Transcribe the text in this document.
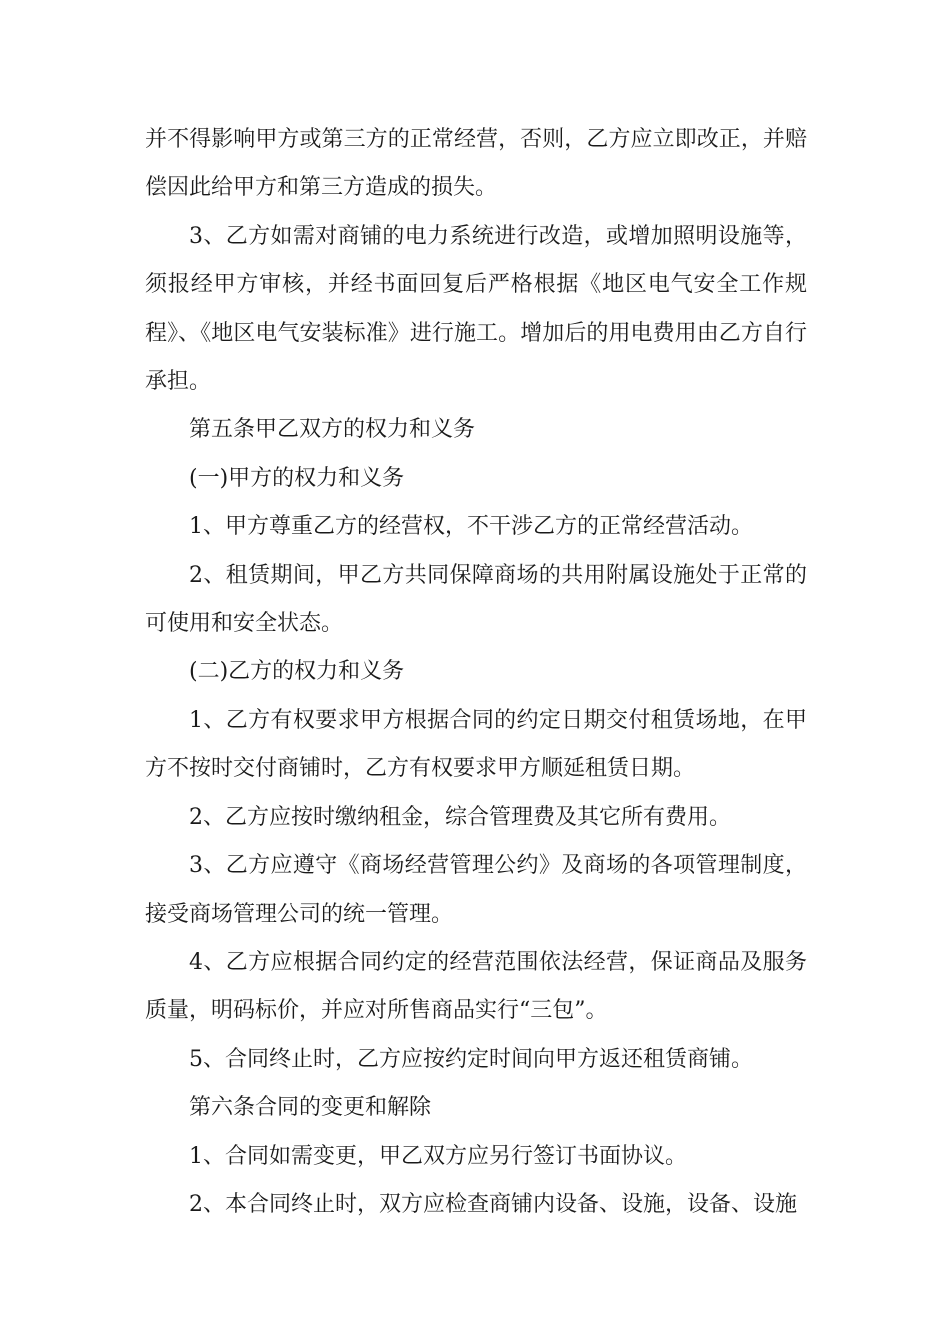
并不得影响甲方或第三方的正常经营，否则，乙方应立即改正，并赔偿因此给甲方和第三方造成的损失。

3、乙方如需对商铺的电力系统进行改造，或增加照明设施等，须报经甲方审核，并经书面回复后严格根据《地区电气安全工作规程》、《地区电气安装标准》进行施工。增加后的用电费用由乙方自行承担。

第五条甲乙双方的权力和义务

(一)甲方的权力和义务

1、甲方尊重乙方的经营权，不干涉乙方的正常经营活动。

2、租赁期间，甲乙方共同保障商场的共用附属设施处于正常的可使用和安全状态。

(二)乙方的权力和义务

1、乙方有权要求甲方根据合同的约定日期交付租赁场地，在甲方不按时交付商铺时，乙方有权要求甲方顺延租赁日期。

2、乙方应按时缴纳租金，综合管理费及其它所有费用。

3、乙方应遵守《商场经营管理公约》及商场的各项管理制度，接受商场管理公司的统一管理。

4、乙方应根据合同约定的经营范围依法经营，保证商品及服务质量，明码标价，并应对所售商品实行“三包”。

5、合同终止时，乙方应按约定时间向甲方返还租赁商铺。

第六条合同的变更和解除

1、合同如需变更，甲乙双方应另行签订书面协议。

2、本合同终止时，双方应检查商铺内设备、设施，设备、设施
